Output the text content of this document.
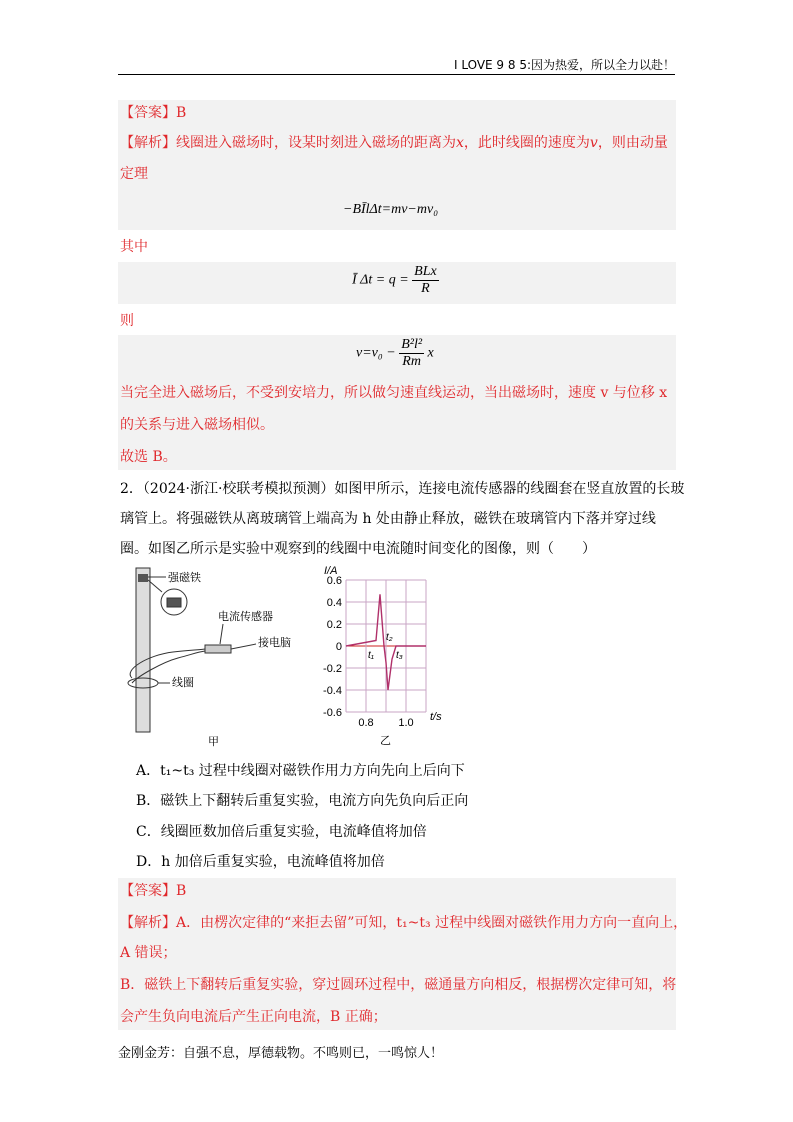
I LOVE 9 8 5:因为热爱，所以全力以赴！
【答案】B
【解析】线圈进入磁场时，设某时刻进入磁场的距离为x，此时线圈的速度为v，则由动量
定理
−BĪlΔt=mv−mv₀
其中
Ī $\Delta t = q = \frac{\text{BLx}}{R}$
则
$v=v_0 - \frac{\text{B²l²}}{Rm}$ x
当完全进入磁场后，不受到安培力，所以做匀速直线运动，当出磁场时，速度 v 与位移 x
的关系与进入磁场相似。
故选 B。
2．（2024·浙江·校联考模拟预测）如图甲所示，连接电流传感器的线圈套在竖直放置的长玻
璃管上。将强磁铁从离玻璃管上端高为 h 处由静止释放，磁铁在玻璃管内下落并穿过线
圈。如图乙所示是实验中观察到的线圈中电流随时间变化的图像，则（　　）
强磁铁
电流传感器
接电脑
线圈
甲
0.6
0.4
0.2
0
-0.2
-0.4
-0.6
0.8 1.0
I/A
t/s
t₁
t₂
t₃
乙
A．t₁~t₃ 过程中线圈对磁铁作用力方向先向上后向下
B．磁铁上下翻转后重复实验，电流方向先负向后正向
C．线圈匝数加倍后重复实验，电流峰值将加倍
D．h 加倍后重复实验，电流峰值将加倍
【答案】B
【解析】A．由楞次定律的“来拒去留”可知，t₁~t₃ 过程中线圈对磁铁作用力方向一直向上，
A 错误；
B．磁铁上下翻转后重复实验，穿过圆环过程中，磁通量方向相反，根据楞次定律可知，将
会产生负向电流后产生正向电流，B 正确；
金刚金芳：自强不息，厚德载物。不鸣则已，一鸣惊人！
